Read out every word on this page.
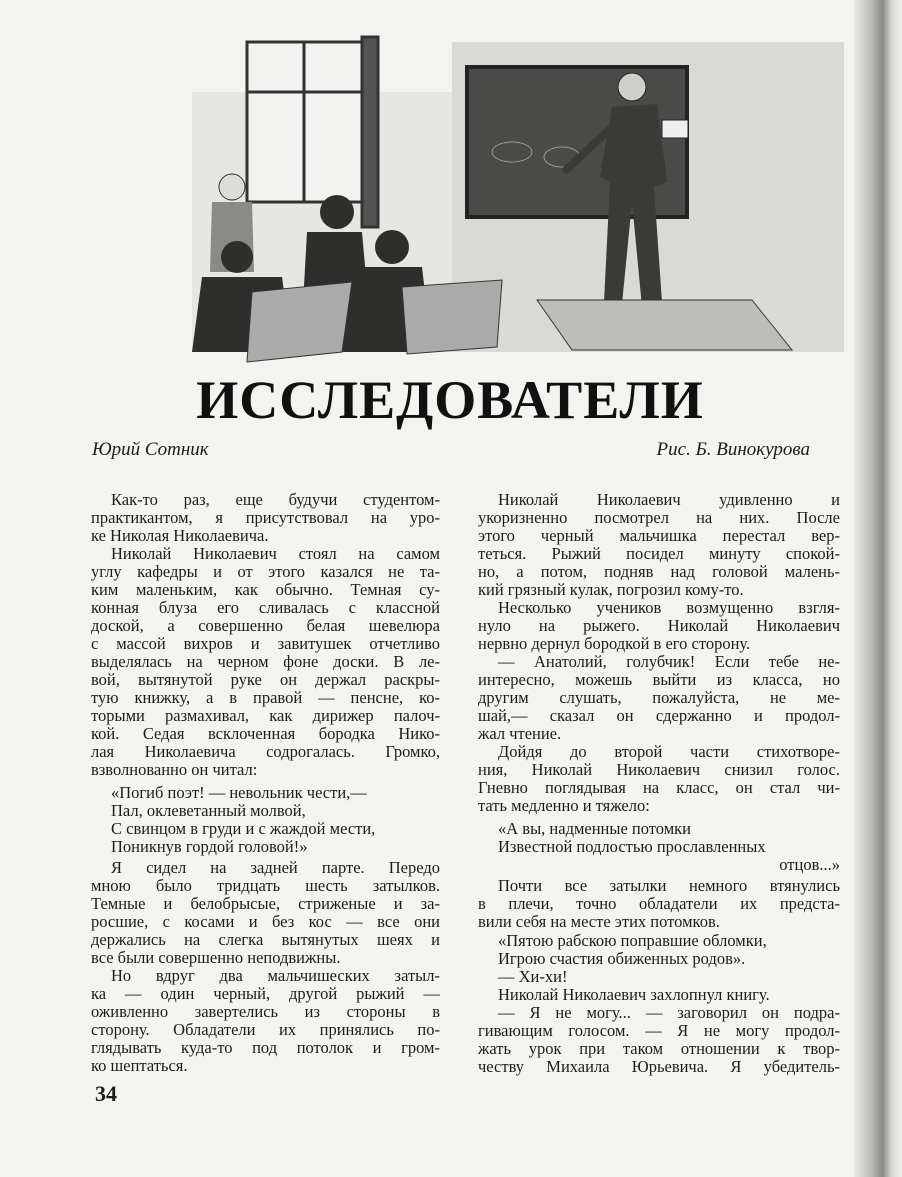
ИССЛЕДОВАТЕЛИ
Юрий Сотник	Рис. Б. Винокурова
Как-то раз, еще будучи студентом-
практикантом, я присутствовал на уро-
ке Николая Николаевича.
Николай Николаевич стоял на самом
углу кафедры и от этого казался не та-
ким маленьким, как обычно. Темная су-
конная блуза его сливалась с классной
доской, а совершенно белая шевелюра
с массой вихров и завитушек отчетливо
выделялась на черном фоне доски. В ле-
вой, вытянутой руке он держал раскры-
тую книжку, а в правой — пенсне, ко-
торыми размахивал, как дирижер палоч-
кой. Седая всклоченная бородка Нико-
лая Николаевича содрогалась. Громко,
взволнованно он читал:
«Погиб поэт! — невольник чести,—
Пал, оклеветанный молвой,
С свинцом в груди и с жаждой мести,
Поникнув гордой головой!»
Я сидел на задней парте. Передо
мною было тридцать шесть затылков.
Темные и белобрысые, стриженые и за-
росшие, с косами и без кос — все они
держались на слегка вытянутых шеях и
все были совершенно неподвижны.
Но вдруг два мальчишеских затыл-
ка — один черный, другой рыжий —
оживленно завертелись из стороны в
сторону. Обладатели их принялись по-
глядывать куда-то под потолок и гром-
ко шептаться.
Николай Николаевич удивленно и
укоризненно посмотрел на них. После
этого черный мальчишка перестал вер-
теться. Рыжий посидел минуту спокой-
но, а потом, подняв над головой малень-
кий грязный кулак, погрозил кому-то.
Несколько учеников возмущенно взгля-
нуло на рыжего. Николай Николаевич
нервно дернул бородкой в его сторону.
— Анатолий, голубчик! Если тебе не-
интересно, можешь выйти из класса, но
другим слушать, пожалуйста, не ме-
шай,— сказал он сдержанно и продол-
жал чтение.
Дойдя до второй части стихотворе-
ния, Николай Николаевич снизил голос.
Гневно поглядывая на класс, он стал чи-
тать медленно и тяжело:
«А вы, надменные потомки
Известной подлостью прославленных
отцов...»
Почти все затылки немного втянулись
в плечи, точно обладатели их предста-
вили себя на месте этих потомков.
«Пятою рабскою поправшие обломки,
Игрою счастия обиженных родов».
— Хи-хи!
Николай Николаевич захлопнул книгу.
— Я не могу... — заговорил он подра-
гивающим голосом. — Я не могу продол-
жать урок при таком отношении к твор-
честву Михаила Юрьевича. Я убедитель-
34
